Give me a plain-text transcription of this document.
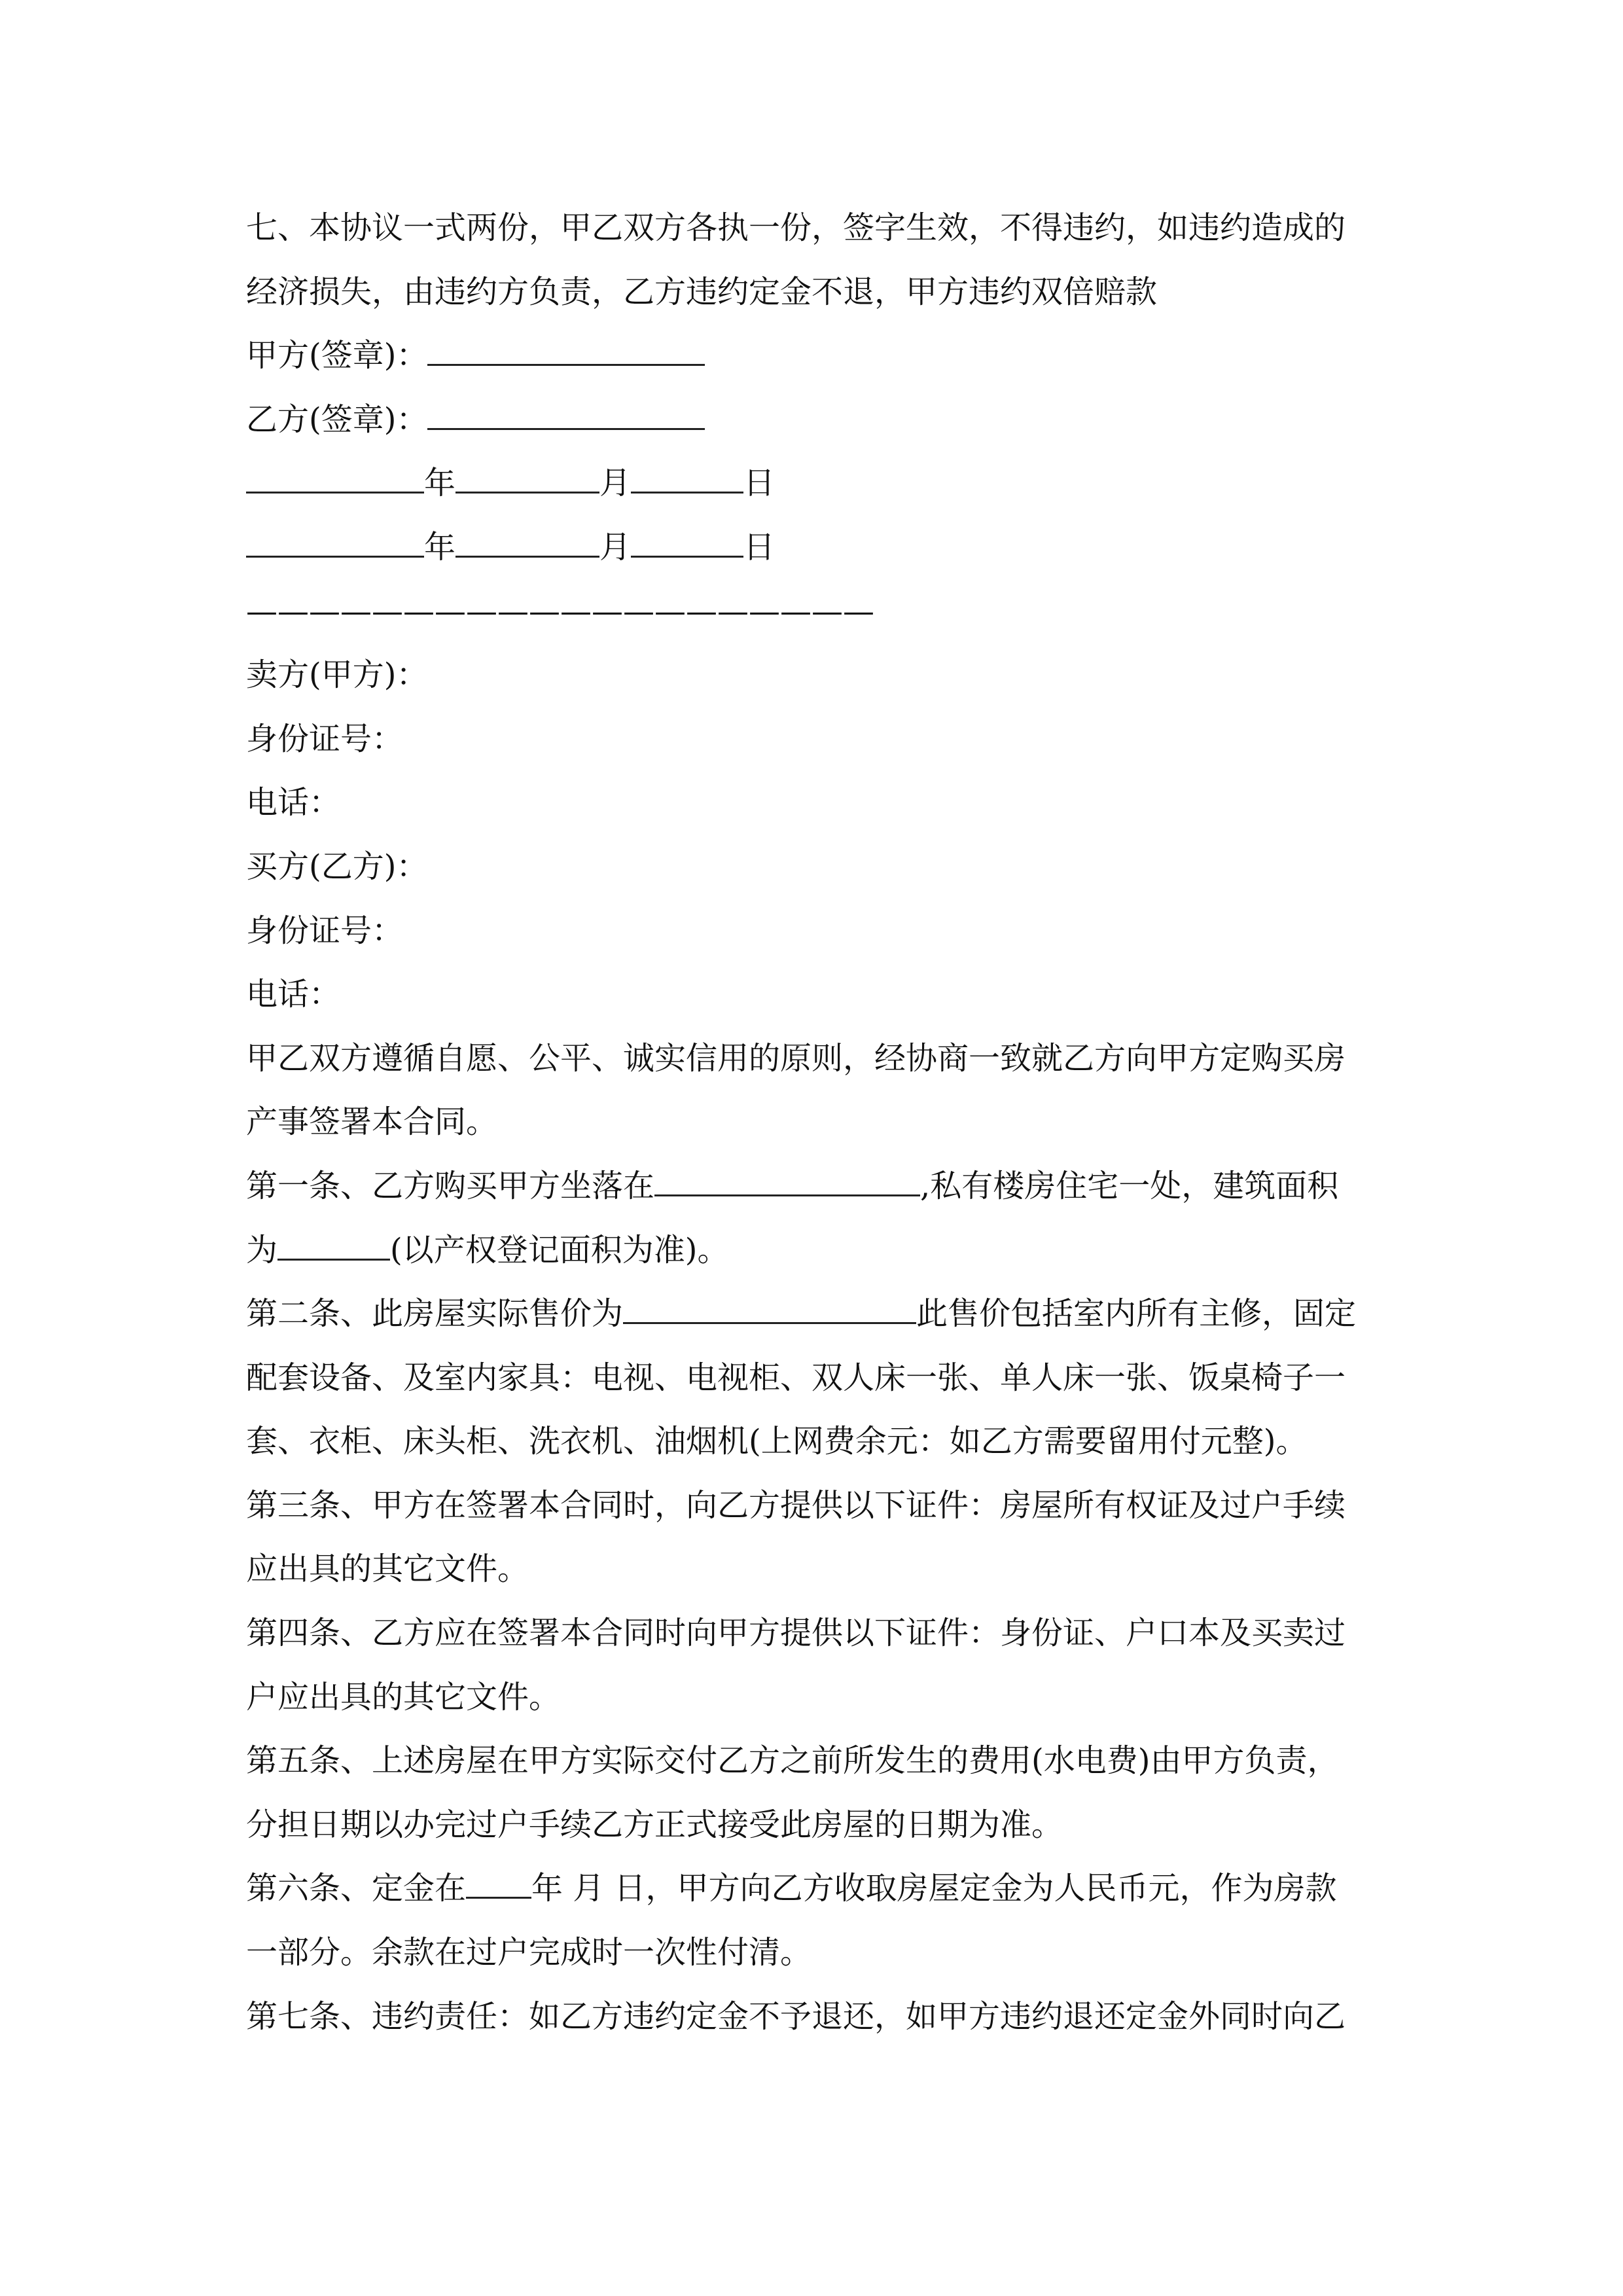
七、本协议一式两份，甲乙双方各执一份，签字生效，不得违约，如违约造成的
经济损失，由违约方负责，乙方违约定金不退，甲方违约双倍赔款
甲方(签章)：
乙方(签章)：
年	月	日
年	月	日
————————————————————
卖方(甲方)：
身份证号：
电话：
买方(乙方)：
身份证号：
电话：
甲乙双方遵循自愿、公平、诚实信用的原则，经协商一致就乙方向甲方定购买房
产事签署本合同。
第一条、乙方购买甲方坐落在	,私有楼房住宅一处，建筑面积
为	(以产权登记面积为准)。
第二条、此房屋实际售价为	此售价包括室内所有主修，固定
配套设备、及室内家具：电视、电视柜、双人床一张、单人床一张、饭桌椅子一
套、衣柜、床头柜、洗衣机、油烟机(上网费余元：如乙方需要留用付元整)。
第三条、甲方在签署本合同时，向乙方提供以下证件：房屋所有权证及过户手续
应出具的其它文件。
第四条、乙方应在签署本合同时向甲方提供以下证件：身份证、户口本及买卖过
户应出具的其它文件。
第五条、上述房屋在甲方实际交付乙方之前所发生的费用(水电费)由甲方负责，
分担日期以办完过户手续乙方正式接受此房屋的日期为准。
第六条、定金在 年 月 日，甲方向乙方收取房屋定金为人民币元，作为房款
一部分。余款在过户完成时一次性付清。
第七条、违约责任：如乙方违约定金不予退还，如甲方违约退还定金外同时向乙
